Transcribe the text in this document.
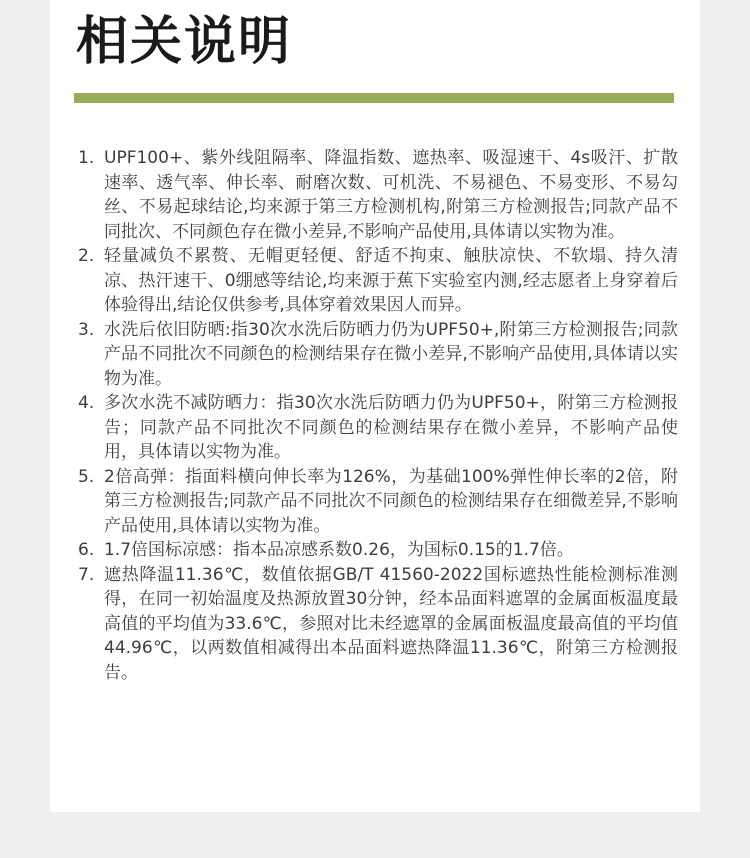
相关说明
1. UPF100+、紫外线阻隔率、降温指数、遮热率、吸湿速干、4s吸汗、扩散速率、透气率、伸长率、耐磨次数、可机洗、不易褪色、不易变形、不易勾丝、不易起球结论,均来源于第三方检测机构,附第三方检测报告;同款产品不同批次、不同颜色存在微小差异,不影响产品使用,具体请以实物为准。
2. 轻量减负不累赘、无帽更轻便、舒适不拘束、触肤凉快、不软塌、持久清凉、热汗速干、0绷感等结论,均来源于蕉下实验室内测,经志愿者上身穿着后体验得出,结论仅供参考,具体穿着效果因人而异。
3. 水洗后依旧防晒:指30次水洗后防晒力仍为UPF50+,附第三方检测报告;同款产品不同批次不同颜色的检测结果存在微小差异,不影响产品使用,具体请以实物为准。
4. 多次水洗不减防晒力：指30次水洗后防晒力仍为UPF50+，附第三方检测报告；同款产品不同批次不同颜色的检测结果存在微小差异，不影响产品使用，具体请以实物为准。
5. 2倍高弹：指面料横向伸长率为126%，为基础100%弹性伸长率的2倍，附第三方检测报告;同款产品不同批次不同颜色的检测结果存在细微差异,不影响产品使用,具体请以实物为准。
6. 1.7倍国标凉感：指本品凉感系数0.26，为国标0.15的1.7倍。
7. 遮热降温11.36℃，数值依据GB/T 41560-2022国标遮热性能检测标准测得，在同一初始温度及热源放置30分钟，经本品面料遮罩的金属面板温度最高值的平均值为33.6℃，参照对比未经遮罩的金属面板温度最高值的平均值44.96℃，以两数值相减得出本品面料遮热降温11.36℃，附第三方检测报告。
